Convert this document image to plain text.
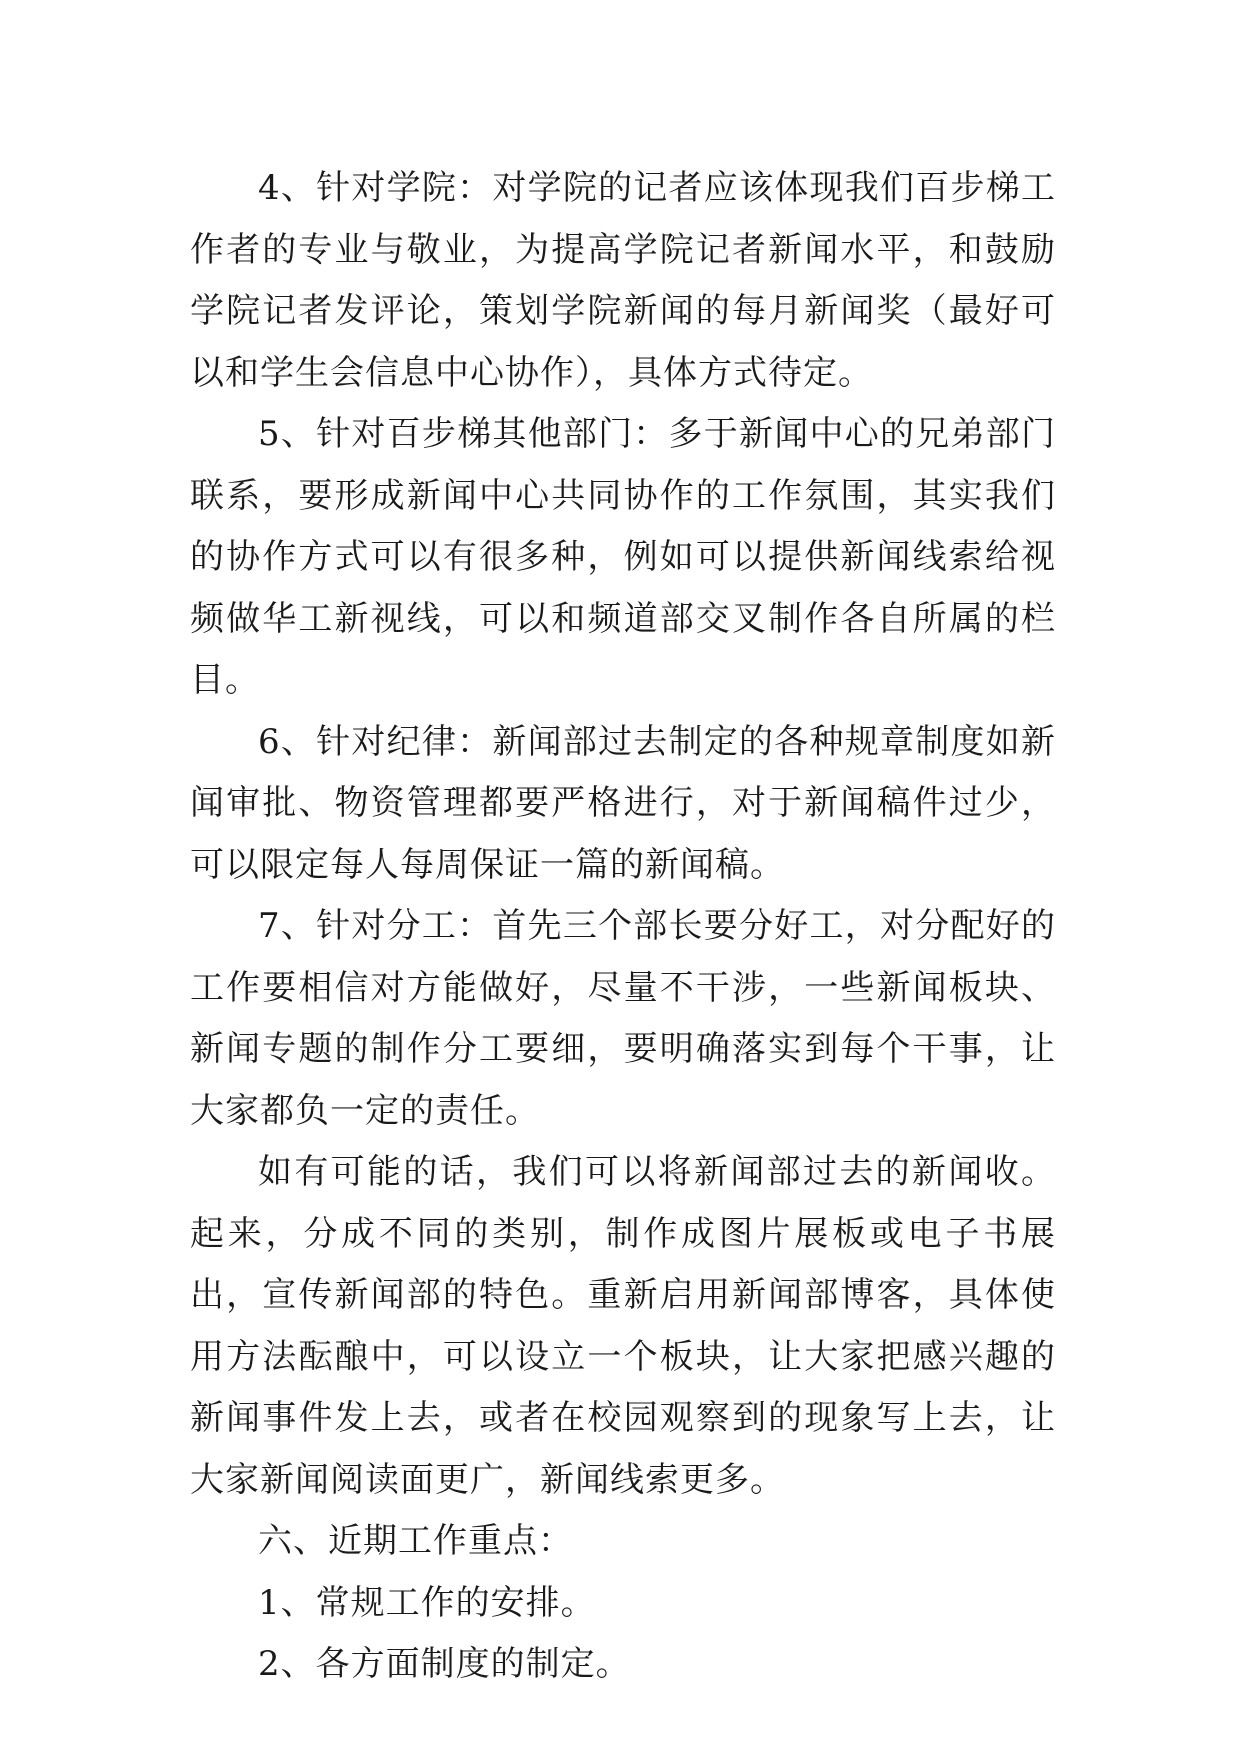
4、针对学院：对学院的记者应该体现我们百步梯工作者的专业与敬业，为提高学院记者新闻水平，和鼓励学院记者发评论，策划学院新闻的每月新闻奖（最好可以和学生会信息中心协作），具体方式待定。

5、针对百步梯其他部门：多于新闻中心的兄弟部门联系，要形成新闻中心共同协作的工作氛围，其实我们的协作方式可以有很多种，例如可以提供新闻线索给视频做华工新视线，可以和频道部交叉制作各自所属的栏目。

6、针对纪律：新闻部过去制定的各种规章制度如新闻审批、物资管理都要严格进行，对于新闻稿件过少，可以限定每人每周保证一篇的新闻稿。

7、针对分工：首先三个部长要分好工，对分配好的工作要相信对方能做好，尽量不干涉，一些新闻板块、新闻专题的制作分工要细，要明确落实到每个干事，让大家都负一定的责任。

如有可能的话，我们可以将新闻部过去的新闻收。起来，分成不同的类别，制作成图片展板或电子书展出，宣传新闻部的特色。重新启用新闻部博客，具体使用方法酝酿中，可以设立一个板块，让大家把感兴趣的新闻事件发上去，或者在校园观察到的现象写上去，让大家新闻阅读面更广，新闻线索更多。

六、近期工作重点：

1、常规工作的安排。

2、各方面制度的制定。
